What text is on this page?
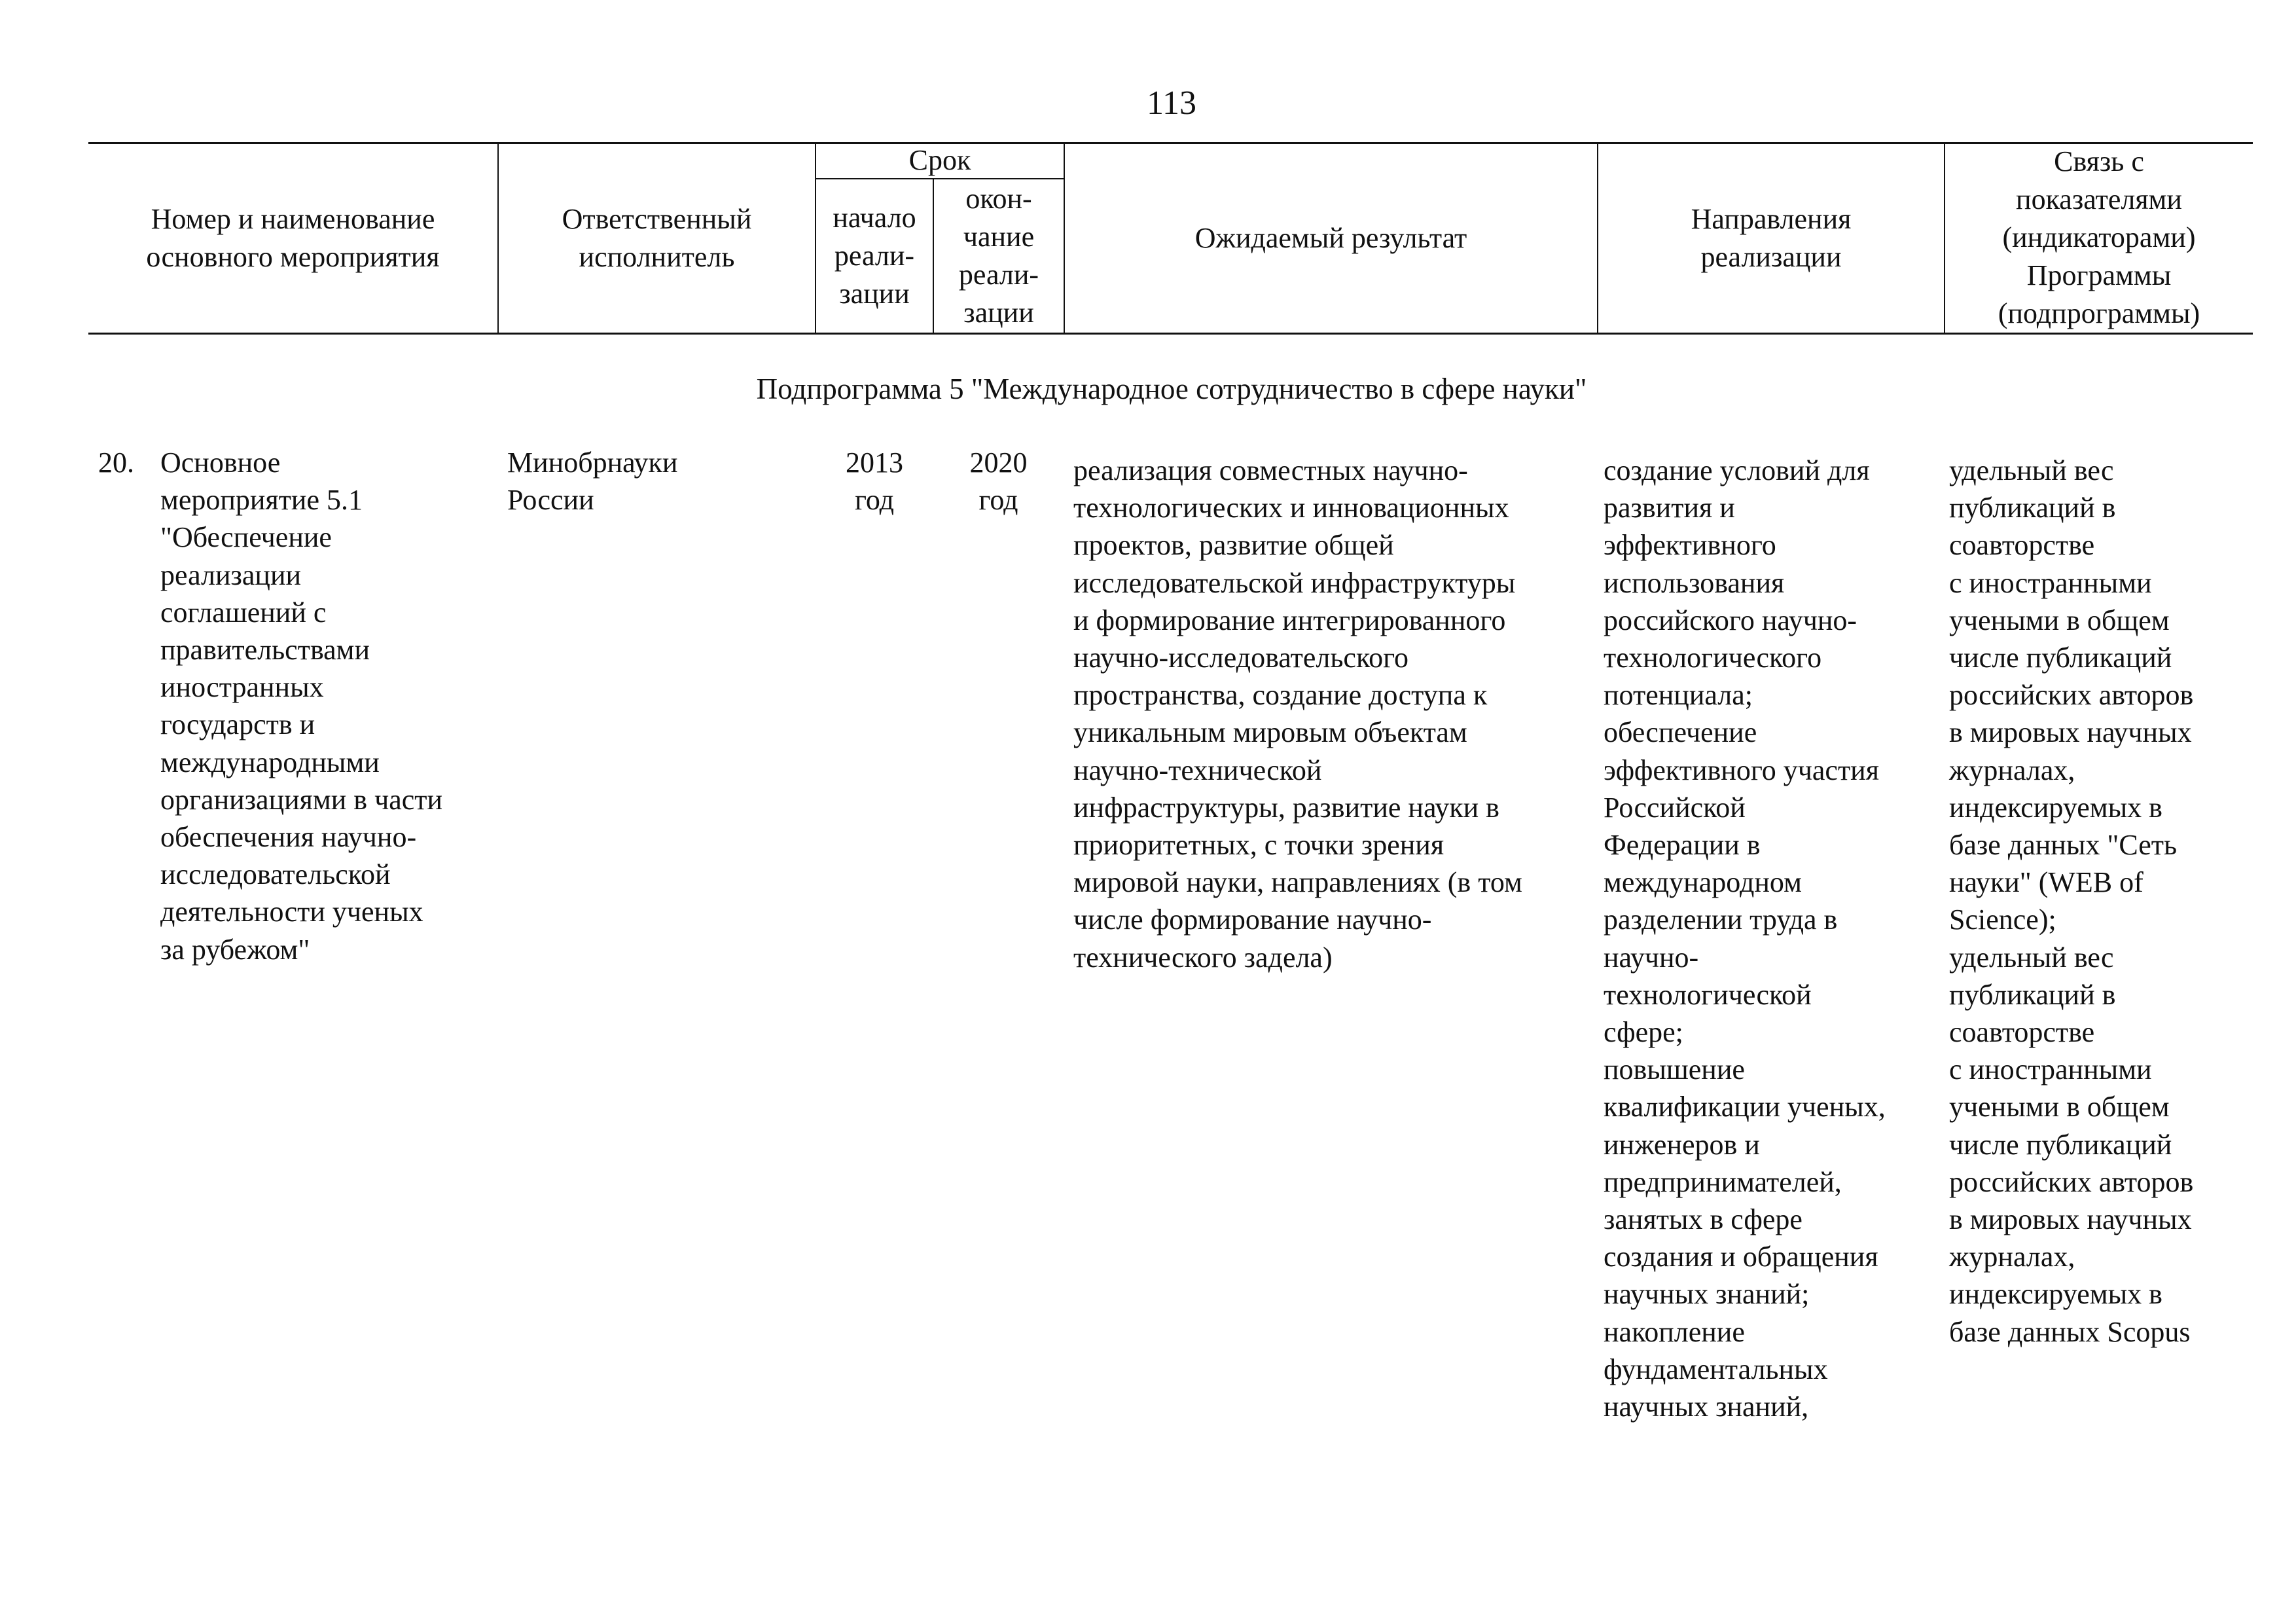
113
Номер и наименование
основного мероприятия
Ответственный
исполнитель
Срок
начало
реали-
зации
окон-
чание
реали-
зации
Ожидаемый результат
Направления
реализации
Связь с
показателями
(индикаторами)
Программы
(подпрограммы)
Подпрограмма 5 "Международное сотрудничество в сфере науки"
20. Основное
мероприятие 5.1
"Обеспечение
реализации
соглашений с
правительствами
иностранных
государств и
международными
организациями в части
обеспечения научно-
исследовательской
деятельности ученых
за рубежом"
Минобрнауки
России
2013
год
2020
год
реализация совместных научно-
технологических и инновационных
проектов, развитие общей
исследовательской инфраструктуры
и формирование интегрированного
научно-исследовательского
пространства, создание доступа к
уникальным мировым объектам
научно-технической
инфраструктуры, развитие науки в
приоритетных, с точки зрения
мировой науки, направлениях (в том
числе формирование научно-
технического задела)
создание условий для
развития и
эффективного
использования
российского научно-
технологического
потенциала;
обеспечение
эффективного участия
Российской
Федерации в
международном
разделении труда в
научно-
технологической
сфере;
повышение
квалификации ученых,
инженеров и
предпринимателей,
занятых в сфере
создания и обращения
научных знаний;
накопление
фундаментальных
научных знаний,
удельный вес
публикаций в
соавторстве
с иностранными
учеными в общем
числе публикаций
российских авторов
в мировых научных
журналах,
индексируемых в
базе данных "Сеть
науки" (WEB of
Science);
удельный вес
публикаций в
соавторстве
с иностранными
учеными в общем
числе публикаций
российских авторов
в мировых научных
журналах,
индексируемых в
базе данных Scopus
